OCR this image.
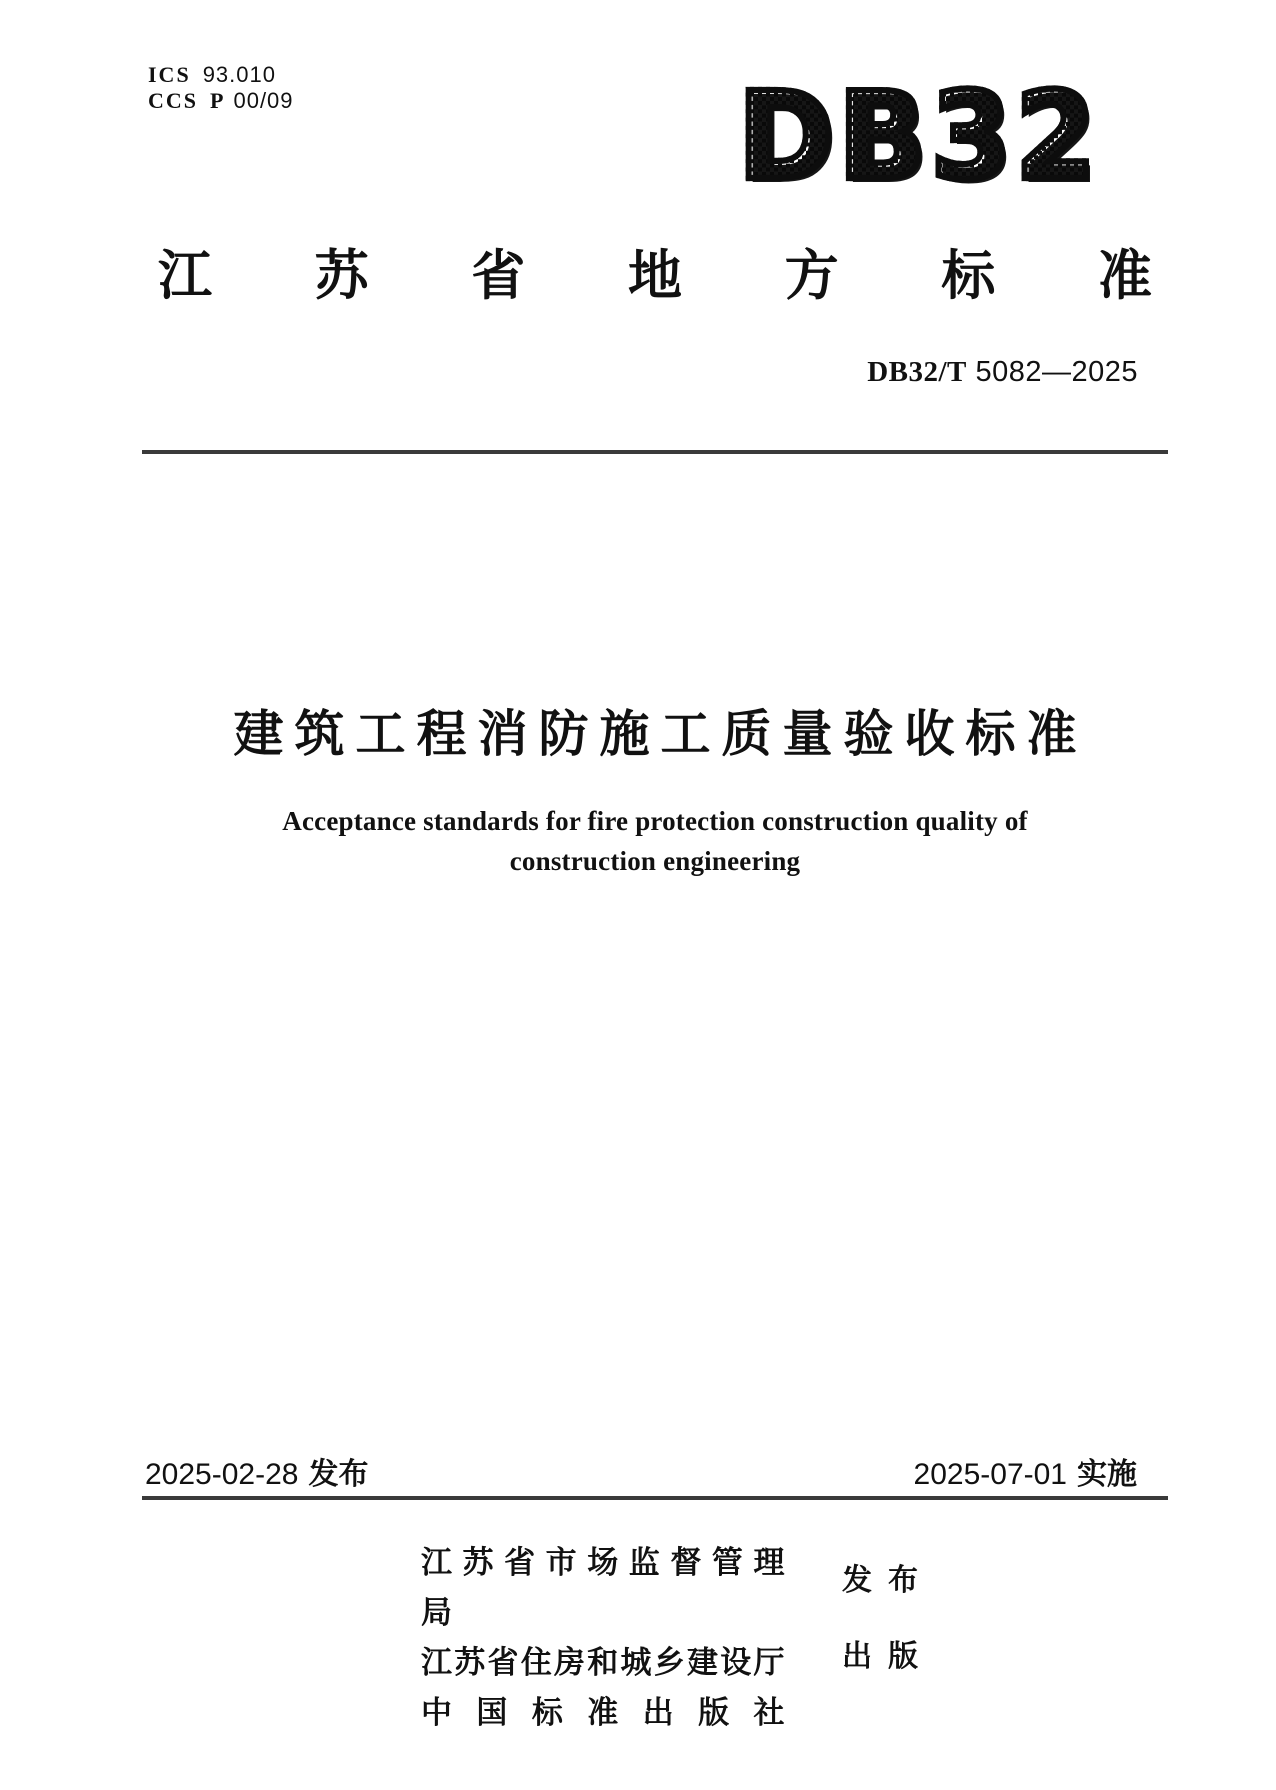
ICS 93.010
CCS P 00/09	DB32
江 苏 省 地 方 标 准
DB32/T 5082—2025
建筑工程消防施工质量验收标准
Acceptance standards for fire protection construction quality of
construction engineering
2025-02-28 发布	2025-07-01 实施
江 苏 省 市 场 监 督 管 理 局
江苏省住房和城乡建设厅
中 国 标 准 出 版 社
发布
出版
